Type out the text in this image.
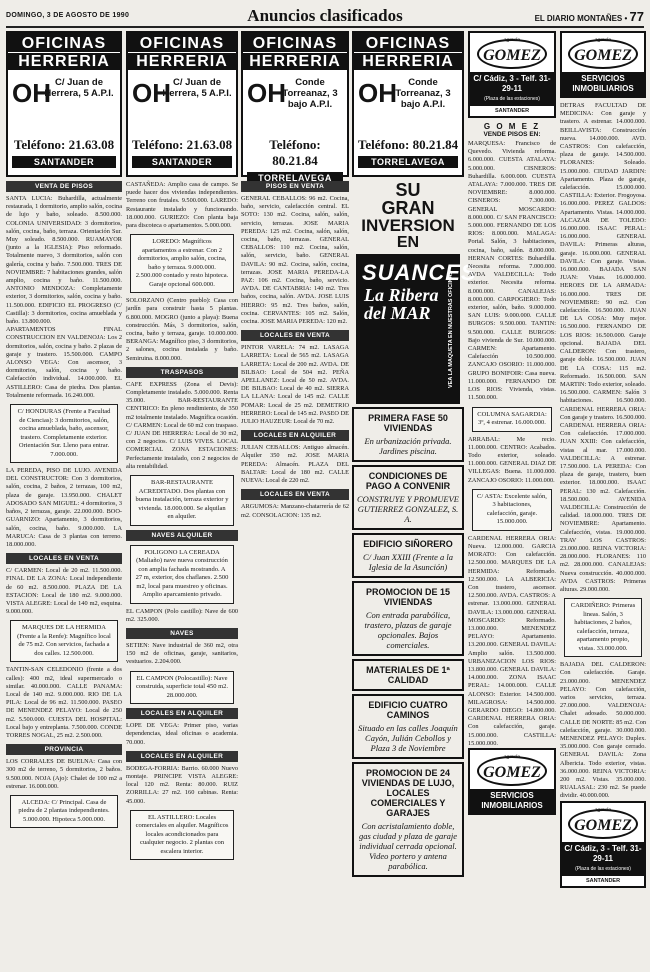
DOMINGO, 3 DE AGOSTO DE 1990	Anuncios clasificados	EL DIARIO MONTAÑES • 77
OFICINAS
HERRERIA
OH C/ Juan de Herrera, 5 A.P.I.
Teléfono: 21.63.08
SANTANDER
VENTA DE PISOS
SANTA LUCIA: Buhardilla, actualmente restaurada, 1 dormitorio, amplio salón, cocina de lujo y baño, soleado. 8.500.000. COLONIA UNIVERSIDAD: 3 dormitorios, salón, cocina, baño, terraza. Orientación Sur. Muy soleado. 8.500.000. RUAMAYOR (junto a la IGLESIA): Piso reformado. Totalmente nuevo, 3 dormitorios, salón con galería, cocina y baño. 7.500.000. TRES DE NOVIEMBRE: 7 habitaciones grandes, salón amplio, cocina y baño. 11.500.000. ANTONIO MENDOZA: Completamente exterior, 3 dormitorios, salón, cocina y baño. 11.500.000. EDIFICIO EL PROGRESO (C/ Castilla): 3 dormitorios, cocina amueblada y baño. 13.800.000.
APARTAMENTOS FINAL CONSTRUCCION EN VALDENOJA: Los 2 dormitorios, salón, cocina y baño. 2 plazas de garaje y trastero. 15.500.000. CAMPO ALONSO VEGA: Con ascensor, 3 dormitorios, salón, cocina y baño. Calefacción individual. 14.000.000. EL ASTILLERO: Casa de piedra. Dos plantas. Totalmente reformada. 16.240.000.
C/ HONDURAS (Frente a Facultad de Ciencias): 3 dormitorios, salón, cocina amueblada, baño, ascensor, trastero. Completamente exterior. Orientación Sur. Lleno para entrar. 7.000.000.
LA PEREDA, PISO DE LUJO. AVENIDA DEL CONSTRUCTOR: Con 3 dormitorios, salón, cocina, 2 baños, 2 terrazas, 100 m2, plaza de garaje. 13.950.000. CHALET ADOSADO SAN MIGUEL: 4 dormitorios, 3 baños, 2 terrazas, garaje. 22.000.000. BOO-GUARNIZO: Apartamento, 3 dormitorios, salón, cocina, baño. 9.000.000. LA MARUCA: Casa de 3 plantas con terreno. 18.000.000.
LOCALES EN VENTA
C/ CARMEN: Local de 20 m2. 11.500.000. FINAL DE LA ZONA: Local independiente de 60 m2. 8.500.000. PLAZA DE LA ESTACION: Local de 180 m2. 9.000.000. VISTA ALEGRE: Local de 140 m2, esquina. 9.000.000.
MARQUES DE LA HERMIDA (Frente a la Renfe): Magnífico local de 75 m2. Con servicios, fachada a dos calles. 12.500.000.
TANTIN-SAN CELEDONIO (frente a dos calles): 400 m2, ideal supermercado o similar. 40.000.000. CALLE PANAMA: Local de 140 m2. 9.000.000. RIO DE LA PILA: Local de 96 m2. 11.500.000. PASEO DE MENENDEZ PELAYO: Local de 250 m2. 5.500.000. CUESTA DEL HOSPITAL: Local bajo y entreplanta. 7.500.000. CONDE TORRES NOGAL, 25 m2. 2.500.000.
PROVINCIA
LOS CORRALES DE BUELNA: Casa con 300 m2 de terreno, 5 dormitorios, 2 baños. 9.500.000. NOJA (Ajo): Chalet de 100 m2 a estrenar. 16.000.000.
ALCEDA: C/ Principal. Casa de piedra de 2 plantas independientes. 5.000.000. Hipoteca 5.000.000.
OFICINAS
HERRERIA
OH C/ Juan de Herrera, 5 A.P.I.
Teléfono: 21.63.08
SANTANDER
CASTAÑEDA: Amplio casa de campo. Se puede hacer dos viviendas independientes. Terreno con frutales. 9.500.000. LAREDO: Restaurante instalado y funcionando. 18.000.000. GURIEZO: Con planta baja para discoteca o apartamentos. 5.000.000.
LOREDO: Magníficos apartamentos a estrenar. Con 2 dormitorios, amplio salón, cocina, baño y terraza. 9.000.000. 2.500.000 contado y resto hipoteca. Garaje opcional 600.000.
SOLORZANO (Centro pueblo): Casa con jardín para construir hasta 5 plantas. 6.800.000. MOGRO (junto a playa): Buena construcción. Más, 3 dormitorios, salón, cocina, baño y terraza, garaje. 10.000.000. BERANGA: Magnífico piso, 3 dormitorios, 2 salones, cocina instalada y baño. Semiruina. 8.000.000.
TRASPASOS
CAFE EXPRESS (Zona el Devis): Completamente instalado. 5.000.000. Renta 35.000. BAR-RESTAURANTE CENTRICO: En pleno rendimiento, de 350 m2 totalmente instalado. Magnífica ocasión. C/ CARMEN: Local de 60 m2 con traspaso. C/ JUAN DE HERRERA: Local de 30 m2, con 2 negocios. C/ LUIS VIVES. LOCAL COMERCIAL ZONA ESTACIONES: Perfectamente instalado, con 2 negocios de alta rentabilidad.
BAR-RESTAURANTE ACREDITADO. Dos plantas con buena instalación, terraza exterior y vivienda. 18.000.000. Se alquilan en alquiler.
NAVES ALQUILER
POLIGONO LA CEREADA (Maliaño) nave nueva construcción con amplia fachada mostrando. A 27 m, exterior, dos chaflanes. 2.500 m2, local para muestreo y oficinas. Amplio aparcamiento privado.
EL CAMPON (Polo castillo): Nave de 600 m2. 325.000.
NAVES
SETIEN: Nave industrial de 360 m2, otra 150 m2 de oficinas, garaje, sanitarios, vestuarios. 2.204.000.
EL CAMPON (Polocastillo): Nave construida, superficie total 450 m2. 28.000.000.
LOCALES EN ALQUILER
LOPE DE VEGA: Primer piso, varias dependencias, ideal oficinas o academia. 70.000.
LOCALES EN ALQUILER
BODEGA-FORRIA: Barrio. 60.000 Nuevo montaje. PRINCIPE VISTA ALEGRE: local 120 m2. Renta: 80.000. RUIZ ZORRILLA: 27 m2. 160 cabinas. Renta: 45.000.
EL ASTILLERO: Locales comerciales en alquiler. Magníficos locales acondicionados para cualquier negocio. 2 plantas con escalera interior.
OFICINAS
HERRERIA
OH Conde Torreanaz, 3 bajo A.P.I.
Teléfono: 80.21.84
TORRELAVEGA
PISOS EN VENTA
GENERAL CEBALLOS: 96 m2. Cocina, baño, servicio, calefacción central. EL SOTO: 130 m2. Cocina, salón, salón, servicio, terrazas. JOSE MARIA PEREDA: 125 m2. Cocina, salón, salón, cocina, baño, terrazas. GENERAL CEBALLOS: 110 m2. Cocina, salón, salón, servicio, baño. GENERAL DAVILA: 90 m2. Cocina, salón, cocina, terrazas. JOSE MARIA PEREDA-LA PAZ: 106 m2. Cocina, baño, servicio. AVDA. DE CANTABRIA: 140 m2. Tres baños, cocina, salón. AVDA. JOSE LUIS HIERRO: 95 m2. Tres baños, salón, cocina. CERVANTES: 105 m2. Salón, cocina. JOSE MARIA PEREDA: 120 m2.
LOCALES EN VENTA
PINTOR VARELA: 74 m2. LASAGA LARRETA: Local de 565 m2. LASAGA LARRETA: Local de 200 m2. AVDA. DE BILBAO: Local de 504 m2. PEÑA APELLANEZ: Local de 50 m2. AVDA. DE BILBAO: Local de 40 m2. SIERRA LA LLANA: Local de 145 m2. CALLE POMAR: Local de 25 m2. DEMETRIO HERRERO: Local de 145 m2. PASEO DE JULIO HAUZEUR: Local de 70 m2.
LOCALES EN ALQUILER
JULIAN CEBALLOS: Antiguo almacén. Alquiler 350 m2. JOSE MARIA PEREDA: Almacén. PLAZA DEL BALTAR: Local de 180 m2. CALLE NUEVA: Local de 220 m2.
LOCALES EN VENTA
ARGUMOSA: Manzano-chatarrería de 62 m2. CONSOLACION: 135 m2.
OFICINAS
HERRERIA
OH	Conde Torreanaz, 3 bajo A.P.I.
Teléfono: 80.21.84
TORRELAVEGA
SU
GRAN
INVERSION
EN
SUANCES
La Ribera del MAR	VEA LA MAQUETA EN NUESTRAS OFICINAS
PRIMERA FASE 50 VIVIENDAS
En urbanización privada. Jardines piscina.
CONDICIONES DE PAGO A CONVENIR
CONSTRUYE Y PROMUEVE GUTIERREZ GONZALEZ, S. A.
EDIFICIO SIÑORERO
C/ Juan XXIII (Frente a la Iglesia de la Asunción)
PROMOCION DE 15 VIVIENDAS
Con entrada parabólica, trastero, plazas de garaje opcionales. Bajos comerciales.
MATERIALES DE 1ª CALIDAD
EDIFICIO CUATRO CAMINOS
Situado en las calles Joaquín Cayón, Julián Cebollos y Plaza 3 de Noviembre
PROMOCION DE 24 VIVIENDAS DE LUJO, LOCALES COMERCIALES Y GARAJES
Con acristalamiento doble, gas ciudad y plaza de garaje individual cerrada opcional. Video portero y antena parabólica.
agencia
GOMEZ
C/ Cádiz, 3 - Telf. 31-29-11
(Plaza de las estaciones)
SANTANDER
G O M E Z
VENDE PISOS EN:
MARQUESA: Francisco de Quevedo. Vivienda reforma. 6.000.000. CUESTA ATALAYA: 5.000.000. CISNEROS: Buhardilla. 6.000.000. CUESTA ATALAYA: 7.000.000. TRES DE NOVIEMBRE: 8.000.000. CISNEROS: 7.300.000. GENERAL MOSCARDO: 8.000.000. C/ SAN FRANCISCO: 5.000.000. FERNANDO DE LOS RIOS: 8.000.000. MALAGA: Portal. Salón, 3 habitaciones, cocina, baño, salón. 8.000.000. HERNAN CORTES: Buhardilla. Necesita reforma. 7.000.000. AVDA VALDECILLA: Todo exterior. Necesita reforma. 8.000.000. CANALEJAS: 8.000.000. CARPOGIERO: Todo exterior, salón, baño. 9.000.000. SAN LUIS: 9.000.000. CALLE BURGOS: 9.500.000. TANTIN: 9.500.000. CALLE BURGOS: Bajo vivienda de Sur. 10.000.000. CARMEN: Apartamento. Calefacción 10.500.000. ZANCAJO OSORIO: 11.000.000. GRUPO BONIFOIR: Casa nueva. 11.000.000. FERNANDO DE LOS RIOS: Vivienda, vistas. 11.500.000.
COLUMNA SAGARDIA: 3º, 4 estrenar. 16.000.000.
ARRABAL: Me recio. 11.000.000. CENTRO: Acabados. Todo exterior, soleado. 11.000.000. GENERAL DIAZ DE VILLEGAS: Buena. 11.000.000. ZANCAJO OSORIO: 11.000.000.
C/ ASTA: Excelente salón, 3 habitaciones, calefacción, garaje. 15.000.000.
CARDENAL HERRERA ORIA: Nueva. 12.000.000. GARCIA MORATO: Con calefacción. 12.500.000. MARQUES DE LA HERMIDA: Reformado. 12.500.000. LA ALBERICIA: Con trastero, ascensor. 12.500.000. AVDA. CASTROS: A estrenar. 13.000.000. GENERAL DAVILA: 13.000.000. GENERAL MOSCARDO: Reformado. 13.000.000. MENENDEZ PELAYO: Apartamento. 13.200.000. GENERAL DAVILA: Amplio salón. 13.500.000. URBANIZACION LOS RIOS: 13.800.000. GENERAL DAVILA: 14.000.000. ZONA ISAAC PERAL: 14.000.000. CALLE ALONSO: Exterior. 14.500.000. MILAGROSA: 14.500.000. GERARDO DIEGO: 14.800.000. CARDENAL HERRERA ORIA: Con calefacción, garaje. 15.000.000. CASTILLA: 15.000.000.
agencia
GOMEZ
SERVICIOS INMOBILIARIOS
agencia
GOMEZ
SERVICIOS INMOBILIARIOS
DETRAS FACULTAD DE MEDICINA: Con garaje y trastero. A estrenar. 14.000.000. BEILLAVISTA: Construcción nueva. 14.000.000. AVD. CASTROS: Con calefacción, plaza de garaje. 14.500.000. FLORANES: Soleado. 15.000.000. CIUDAD JARDIN: Apartamento. Plaza de garaje, calefacción. 15.000.000. CASTILLA: Exterior. Frogoyosa. 16.000.000. PEREZ GALDOS: Apartamento. Vistas. 14.000.000. ALCAZAR DE TOLEDO: 16.000.000. ISAAC PERAL: 16.000.000. GENERAL DAVILA: Primeras alturas, garaje. 16.000.000. GENERAL DAVILA: Con garaje. Vistas. 16.000.000. BAJADA SAN JUAN: Vistas. 16.000.000. HEROES DE LA ARMADA: 16.000.000. TRES DE NOVIEMBRE: 90 m2. Con calefacción. 16.500.000. JUAN DE LA COSA: Muy mejor. 16.500.000. FERNANDO DE LOS RIOS: 16.500.000. Garaje opcional. BAJADA DEL CALDERON: Con trastero, garaje doble. 16.500.000. JUAN DE LA COSA: 115 m2. Reformado. 16.500.000. SAN MARTIN: Todo exterior, soleado. 16.500.000. CARMEN: Salón 3 habitaciones. 16.500.000. CARDENAL HERRERA ORIA: Con garaje y trastero. 16.500.000. CARDENAL HERRERA ORIA: Con calefacción. 17.000.000. JUAN XXIII: Con calefacción, vistas al mar. 17.000.000. VALDECILLA: A estrenar. 17.500.000. LA PEREDA: Con plaza de garaje, trastero, buen exterior. 18.000.000. ISAAC PERAL: 130 m2. Calefacción. 18.500.000. AVENIDA VALDECILLA: Construcción de calidad. 18.000.000. TRES DE NOVIEMBRE: Apartamento. Calefacción, vistas. 19.000.000. TRAV LOS CASTROS: 23.000.000. REINA VICTORIA: 28.000.000. FLORANES: 110 m2. 28.000.000. CANALEJAS: Nueva construcción. 40.000.000. AVDA CASTROS: Primeras alturas. 29.000.000.
CARDIÑERO: Primeras lineas. Salón, 3 habitaciones, 2 baños, calefacción, terraza, apartamento propio, vistas. 33.000.000.
BAJADA DEL CALDERON: Con calefacción. Garaje. 23.000.000. MENENDEZ PELAYO: Con calefacción, varios servicios, terraza. 27.000.000. VALDENOJA: Chalet adosado. 50.000.000. CALLE DE NORTE: 85 m2. Con calefacción, garaje. 30.000.000. MENENDEZ PELAYO: Duplex. 35.000.000. Con garaje cerrado. GENERAL DAVILA: Zona Albericia. Todo exterior, vistas. 36.000.000. REINA VICTORIA: 200 m2. Vistas. 35.000.000. RUALASAL: 230 m2. Se puede dividir. 40.000.000.
agencia
GOMEZ
C/ Cádiz, 3 - Telf. 31-29-11
(Plaza de las estaciones)
SANTANDER
